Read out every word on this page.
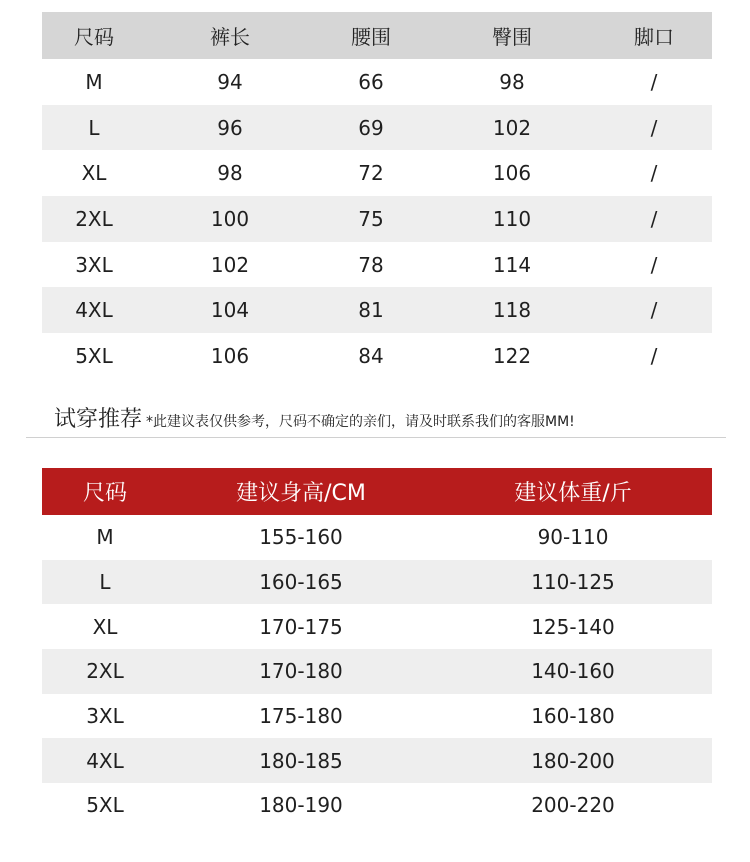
尺码	裤长	腰围	臀围	脚口
M	94	66	98	/
L	96	69	102	/
XL	98	72	106	/
2XL	100	75	110	/
3XL	102	78	114	/
4XL	104	81	118	/
5XL	106	84	122	/
试穿推荐 *此建议表仅供参考，尺码不确定的亲们，请及时联系我们的客服MM!
尺码	建议身高/CM	建议体重/斤
M	155-160	90-110
L	160-165	110-125
XL	170-175	125-140
2XL	170-180	140-160
3XL	175-180	160-180
4XL	180-185	180-200
5XL	180-190	200-220
